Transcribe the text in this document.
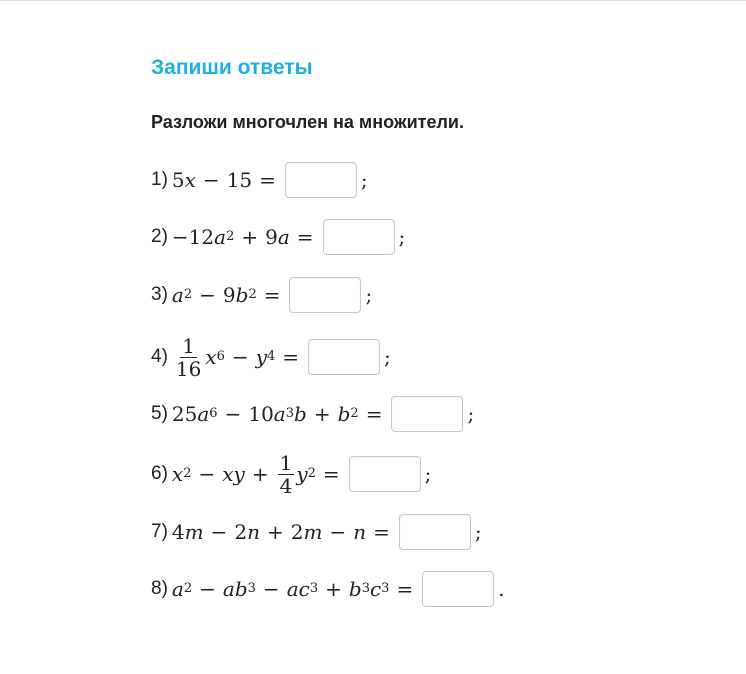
Запиши ответы
Разложи многочлен на множители.
1) 5 x − 15 =	;
2) −12 a 2 + 9 a =	;
3) a 2 − 9 b 2 =	;
$4) \frac{1}{16}$ x 6 − y 4 =	;
5) 25 a 6 − 10 a 3 b + b 2 =	;
6) x 2 − xy + $\frac{1}{4}$ y 2 =	;
7) 4 m − 2 n + 2 m − n =	;
8) a 2 − a b 3 − a c 3 + b 3 c 3 =	.
